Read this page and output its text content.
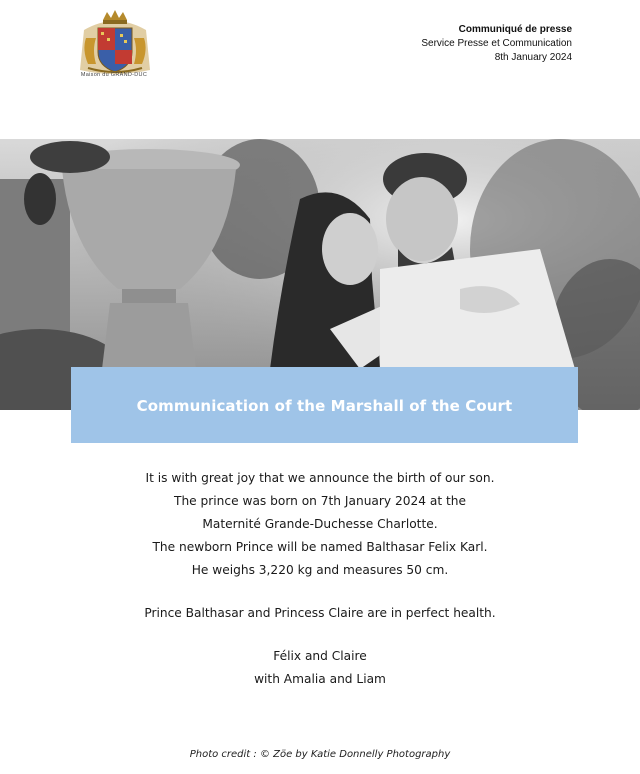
Maison du GRAND-DUC
Communiqué de presse
Service Presse et Communication
8th January 2024
Communication of the Marshall of the Court
It is with great joy that we announce the birth of our son.
The prince was born on 7th January 2024 at the
Maternité Grande-Duchesse Charlotte.
The newborn Prince will be named Balthasar Felix Karl.
He weighs 3,220 kg and measures 50 cm.
Prince Balthasar and Princess Claire are in perfect health.
Félix and Claire
with Amalia and Liam
Photo credit : © Zöe by Katie Donnelly Photography
